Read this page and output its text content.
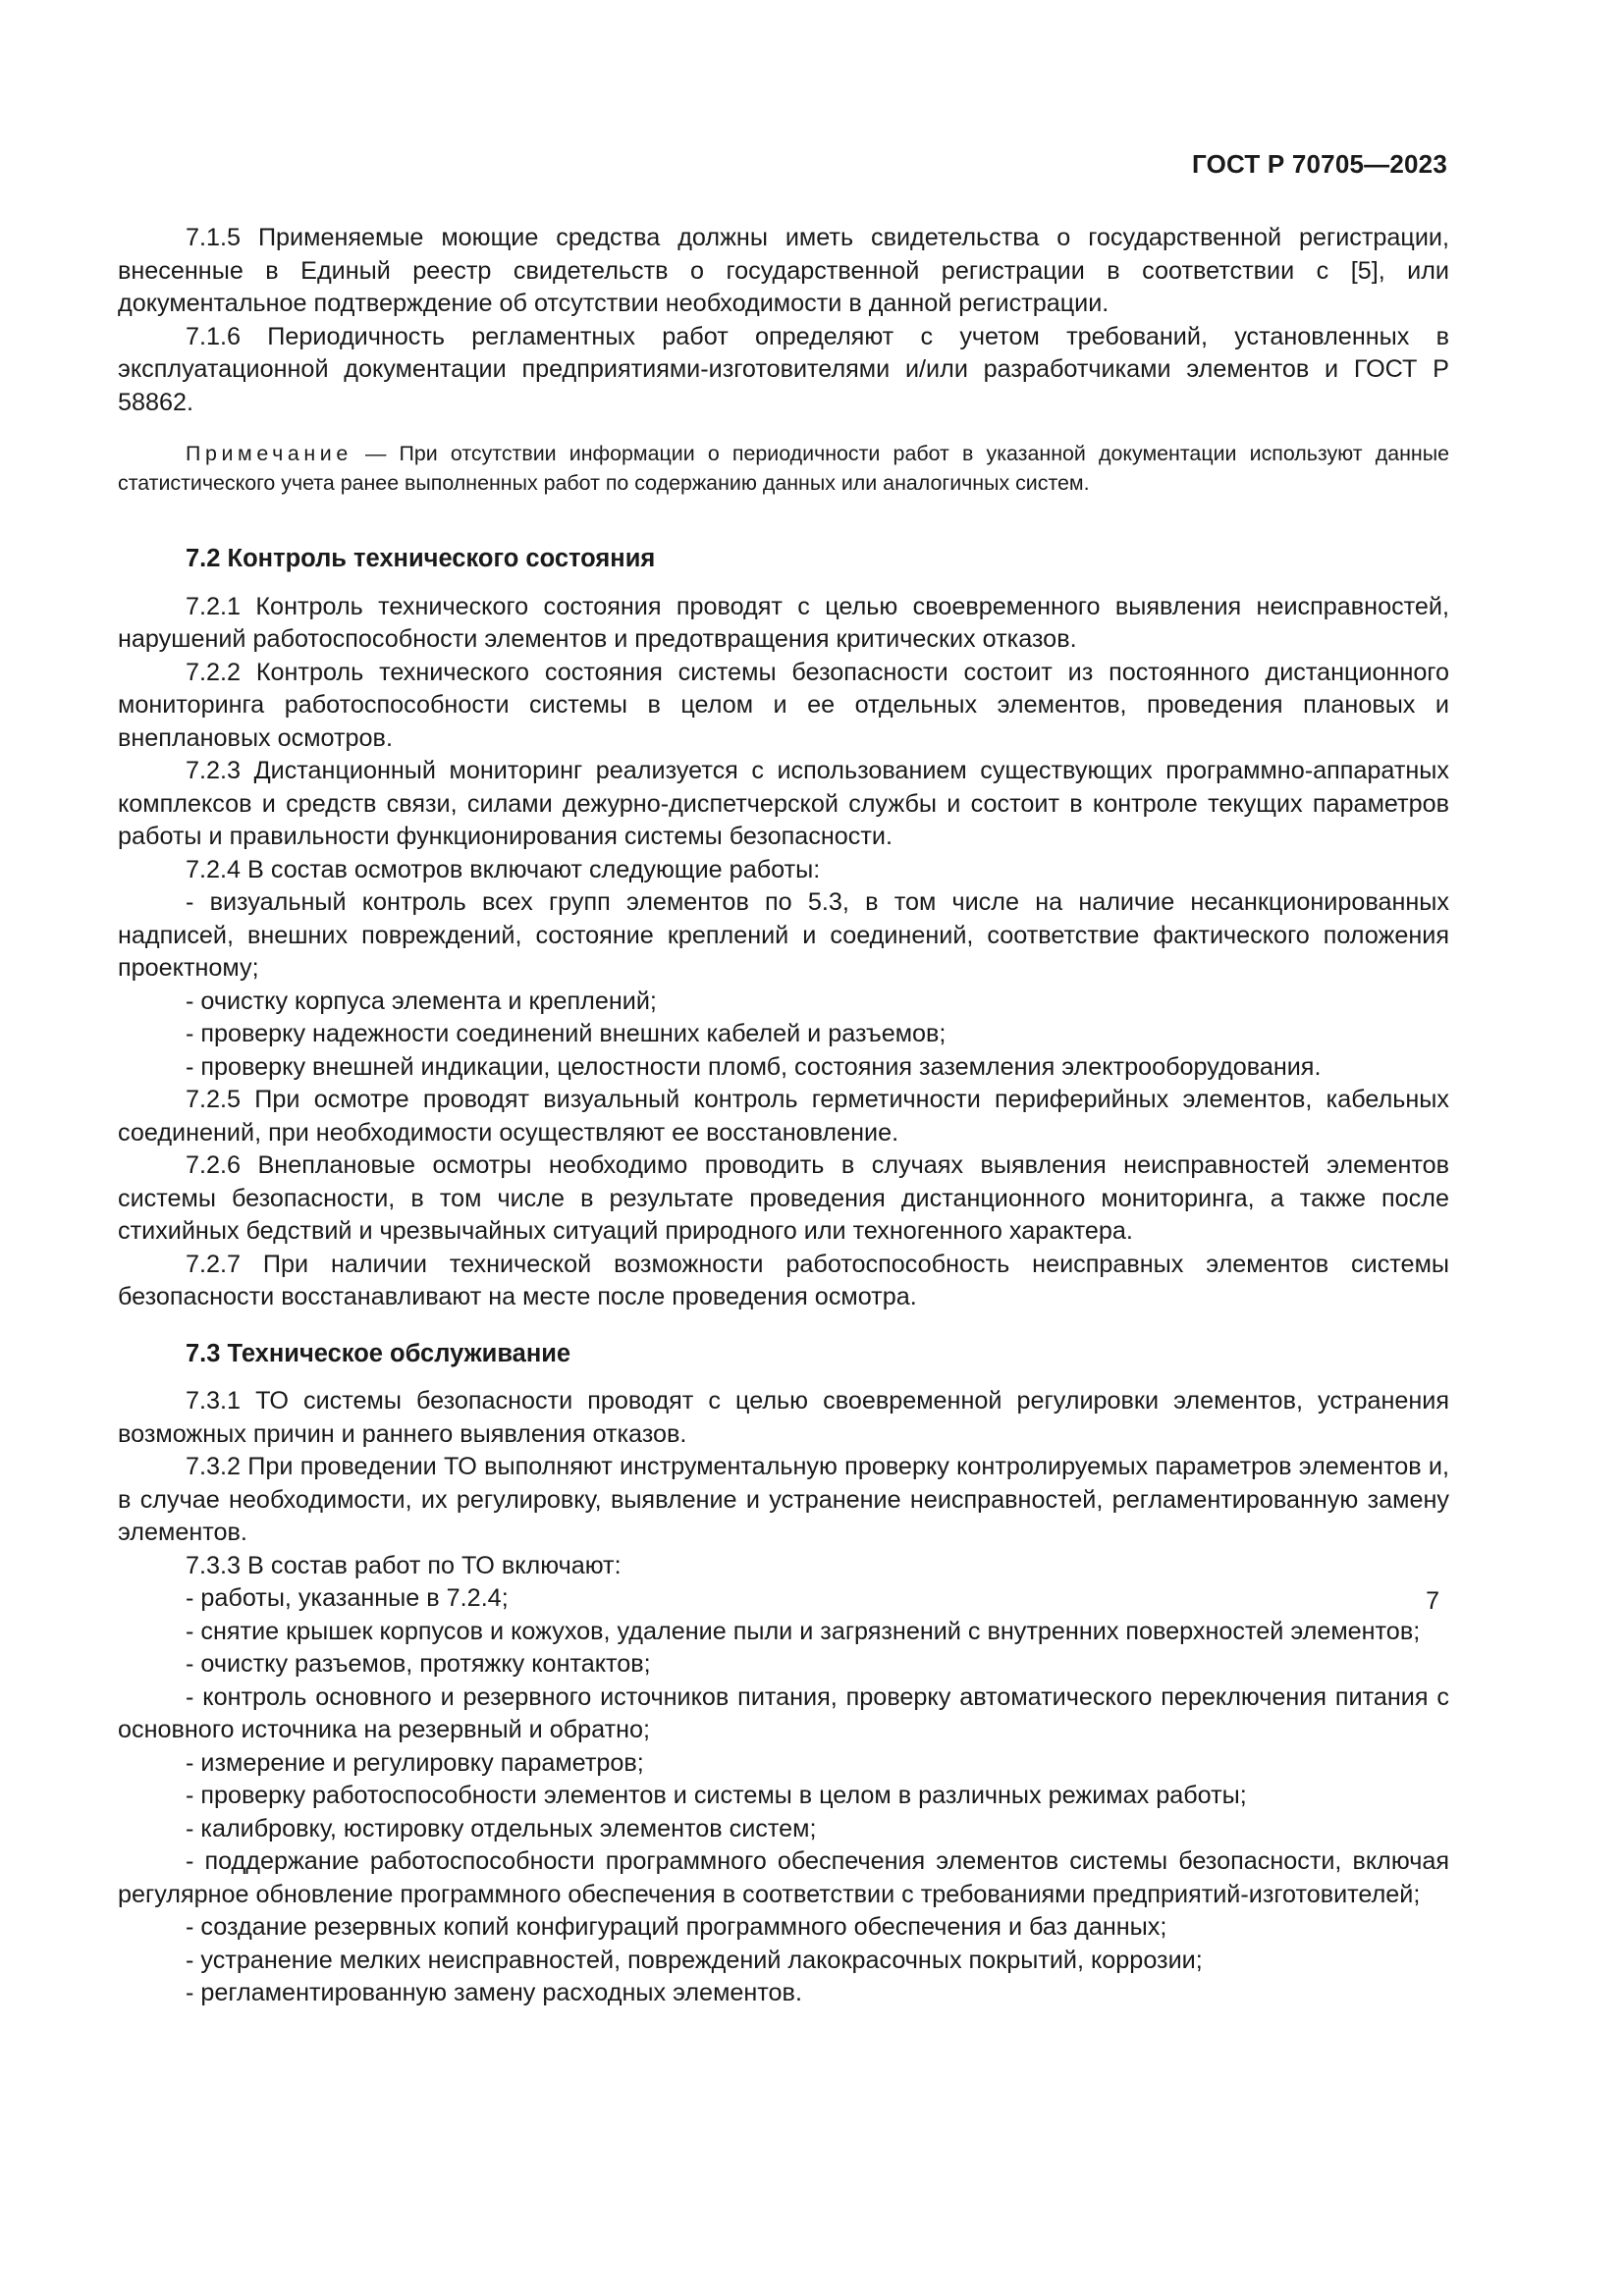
ГОСТ Р 70705—2023

7.1.5 Применяемые моющие средства должны иметь свидетельства о государственной регистрации, внесенные в Единый реестр свидетельств о государственной регистрации в соответствии с [5], или документальное подтверждение об отсутствии необходимости в данной регистрации.

7.1.6 Периодичность регламентных работ определяют с учетом требований, установленных в эксплуатационной документации предприятиями-изготовителями и/или разработчиками элементов и ГОСТ Р 58862.

Примечание — При отсутствии информации о периодичности работ в указанной документации используют данные статистического учета ранее выполненных работ по содержанию данных или аналогичных систем.

7.2 Контроль технического состояния

7.2.1 Контроль технического состояния проводят с целью своевременного выявления неисправностей, нарушений работоспособности элементов и предотвращения критических отказов.

7.2.2 Контроль технического состояния системы безопасности состоит из постоянного дистанционного мониторинга работоспособности системы в целом и ее отдельных элементов, проведения плановых и внеплановых осмотров.

7.2.3 Дистанционный мониторинг реализуется с использованием существующих программно-аппаратных комплексов и средств связи, силами дежурно-диспетчерской службы и состоит в контроле текущих параметров работы и правильности функционирования системы безопасности.

7.2.4 В состав осмотров включают следующие работы:

- визуальный контроль всех групп элементов по 5.3, в том числе на наличие несанкционированных надписей, внешних повреждений, состояние креплений и соединений, соответствие фактического положения проектному;

- очистку корпуса элемента и креплений;

- проверку надежности соединений внешних кабелей и разъемов;

- проверку внешней индикации, целостности пломб, состояния заземления электрооборудования.

7.2.5 При осмотре проводят визуальный контроль герметичности периферийных элементов, кабельных соединений, при необходимости осуществляют ее восстановление.

7.2.6 Внеплановые осмотры необходимо проводить в случаях выявления неисправностей элементов системы безопасности, в том числе в результате проведения дистанционного мониторинга, а также после стихийных бедствий и чрезвычайных ситуаций природного или техногенного характера.

7.2.7 При наличии технической возможности работоспособность неисправных элементов системы безопасности восстанавливают на месте после проведения осмотра.

7.3 Техническое обслуживание

7.3.1 ТО системы безопасности проводят с целью своевременной регулировки элементов, устранения возможных причин и раннего выявления отказов.

7.3.2 При проведении ТО выполняют инструментальную проверку контролируемых параметров элементов и, в случае необходимости, их регулировку, выявление и устранение неисправностей, регламентированную замену элементов.

7.3.3 В состав работ по ТО включают:

- работы, указанные в 7.2.4;

- снятие крышек корпусов и кожухов, удаление пыли и загрязнений с внутренних поверхностей элементов;

- очистку разъемов, протяжку контактов;

- контроль основного и резервного источников питания, проверку автоматического переключения питания с основного источника на резервный и обратно;

- измерение и регулировку параметров;

- проверку работоспособности элементов и системы в целом в различных режимах работы;

- калибровку, юстировку отдельных элементов систем;

- поддержание работоспособности программного обеспечения элементов системы безопасности, включая регулярное обновление программного обеспечения в соответствии с требованиями предприятий-изготовителей;

- создание резервных копий конфигураций программного обеспечения и баз данных;

- устранение мелких неисправностей, повреждений лакокрасочных покрытий, коррозии;

- регламентированную замену расходных элементов.

7
